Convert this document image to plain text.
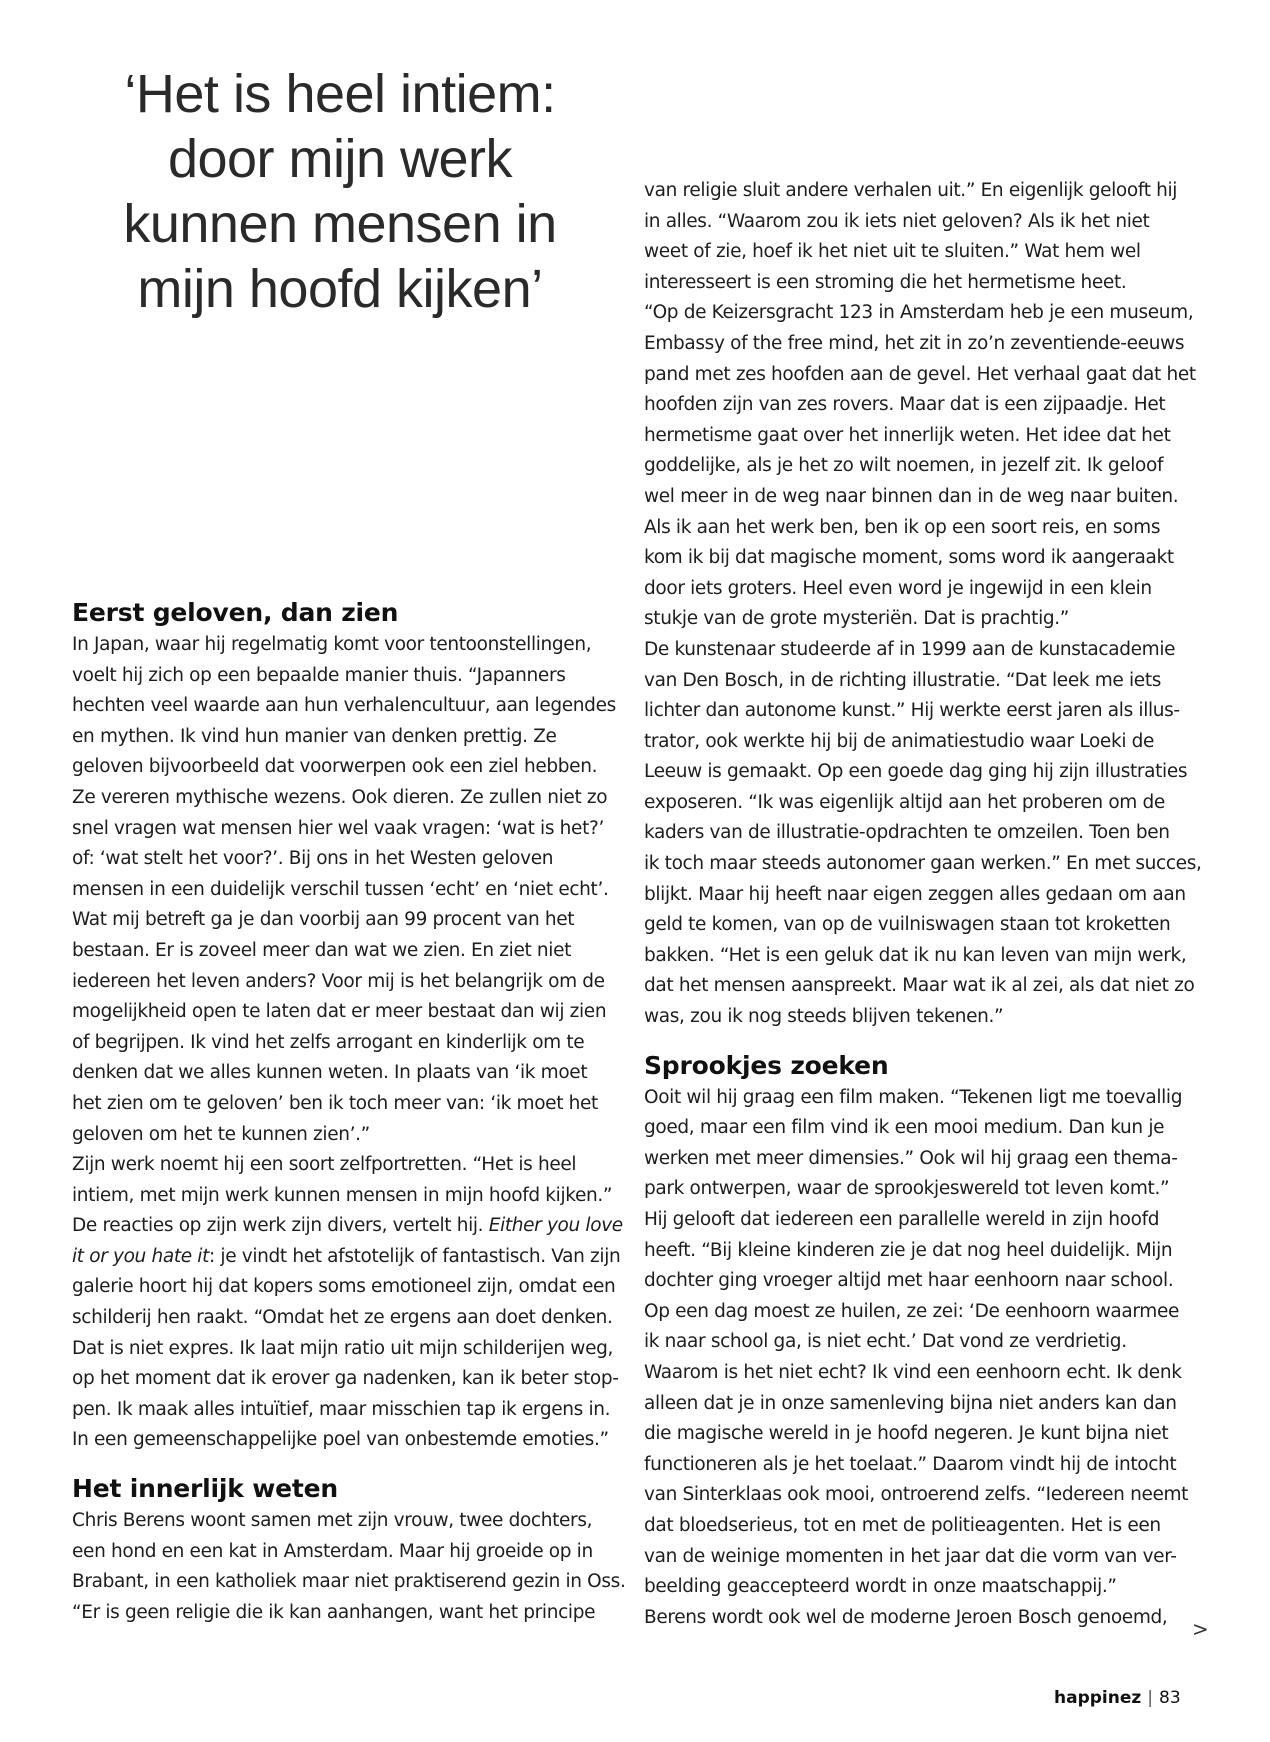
‘Het is heel intiem:
door mijn werk
kunnen mensen in
mijn hoofd kijken’
Eerst geloven, dan zien
In Japan, waar hij regelmatig komt voor tentoonstellingen,
voelt hij zich op een bepaalde manier thuis. “Japanners
hechten veel waarde aan hun verhalencultuur, aan legendes
en mythen. Ik vind hun manier van denken prettig. Ze
geloven bijvoorbeeld dat voorwerpen ook een ziel hebben.
Ze vereren mythische wezens. Ook dieren. Ze zullen niet zo
snel vragen wat mensen hier wel vaak vragen: ‘wat is het?’
of: ‘wat stelt het voor?’. Bij ons in het Westen geloven
mensen in een duidelijk verschil tussen ‘echt’ en ‘niet echt’.
Wat mij betreft ga je dan voorbij aan 99 procent van het
bestaan. Er is zoveel meer dan wat we zien. En ziet niet
iedereen het leven anders? Voor mij is het belangrijk om de
mogelijkheid open te laten dat er meer bestaat dan wij zien
of begrijpen. Ik vind het zelfs arrogant en kinderlijk om te
denken dat we alles kunnen weten. In plaats van ‘ik moet
het zien om te geloven’ ben ik toch meer van: ‘ik moet het
geloven om het te kunnen zien’.”
Zijn werk noemt hij een soort zelfportretten. “Het is heel
intiem, met mijn werk kunnen mensen in mijn hoofd kijken.”
De reacties op zijn werk zijn divers, vertelt hij. Either you love
it or you hate it: je vindt het afstotelijk of fantastisch. Van zijn
galerie hoort hij dat kopers soms emotioneel zijn, omdat een
schilderij hen raakt. “Omdat het ze ergens aan doet denken.
Dat is niet expres. Ik laat mijn ratio uit mijn schilderijen weg,
op het moment dat ik erover ga nadenken, kan ik beter stop-
pen. Ik maak alles intuïtief, maar misschien tap ik ergens in.
In een gemeenschappelijke poel van onbestemde emoties.”
Het innerlijk weten
Chris Berens woont samen met zijn vrouw, twee dochters,
een hond en een kat in Amsterdam. Maar hij groeide op in
Brabant, in een katholiek maar niet praktiserend gezin in Oss.
“Er is geen religie die ik kan aanhangen, want het principe
van religie sluit andere verhalen uit.” En eigenlijk gelooft hij
in alles. “Waarom zou ik iets niet geloven? Als ik het niet
weet of zie, hoef ik het niet uit te sluiten.” Wat hem wel
interesseert is een stroming die het hermetisme heet.
“Op de Keizersgracht 123 in Amsterdam heb je een museum,
Embassy of the free mind, het zit in zo’n zeventiende-eeuws
pand met zes hoofden aan de gevel. Het verhaal gaat dat het
hoofden zijn van zes rovers. Maar dat is een zijpaadje. Het
hermetisme gaat over het innerlijk weten. Het idee dat het
goddelijke, als je het zo wilt noemen, in jezelf zit. Ik geloof
wel meer in de weg naar binnen dan in de weg naar buiten.
Als ik aan het werk ben, ben ik op een soort reis, en soms
kom ik bij dat magische moment, soms word ik aangeraakt
door iets groters. Heel even word je ingewijd in een klein
stukje van de grote mysteriën. Dat is prachtig.”
De kunstenaar studeerde af in 1999 aan de kunstacademie
van Den Bosch, in de richting illustratie. “Dat leek me iets
lichter dan autonome kunst.” Hij werkte eerst jaren als illus-
trator, ook werkte hij bij de animatiestudio waar Loeki de
Leeuw is gemaakt. Op een goede dag ging hij zijn illustraties
exposeren. “Ik was eigenlijk altijd aan het proberen om de
kaders van de illustratie-opdrachten te omzeilen. Toen ben
ik toch maar steeds autonomer gaan werken.” En met succes,
blijkt. Maar hij heeft naar eigen zeggen alles gedaan om aan
geld te komen, van op de vuilniswagen staan tot kroketten
bakken. “Het is een geluk dat ik nu kan leven van mijn werk,
dat het mensen aanspreekt. Maar wat ik al zei, als dat niet zo
was, zou ik nog steeds blijven tekenen.”
Sprookjes zoeken
Ooit wil hij graag een film maken. “Tekenen ligt me toevallig
goed, maar een film vind ik een mooi medium. Dan kun je
werken met meer dimensies.” Ook wil hij graag een thema-
park ontwerpen, waar de sprookjeswereld tot leven komt.”
Hij gelooft dat iedereen een parallelle wereld in zijn hoofd
heeft. “Bij kleine kinderen zie je dat nog heel duidelijk. Mijn
dochter ging vroeger altijd met haar eenhoorn naar school.
Op een dag moest ze huilen, ze zei: ‘De eenhoorn waarmee
ik naar school ga, is niet echt.’ Dat vond ze verdrietig.
Waarom is het niet echt? Ik vind een eenhoorn echt. Ik denk
alleen dat je in onze samenleving bijna niet anders kan dan
die magische wereld in je hoofd negeren. Je kunt bijna niet
functioneren als je het toelaat.” Daarom vindt hij de intocht
van Sinterklaas ook mooi, ontroerend zelfs. “Iedereen neemt
dat bloedserieus, tot en met de politieagenten. Het is een
van de weinige momenten in het jaar dat die vorm van ver-
beelding geaccepteerd wordt in onze maatschappij.”
Berens wordt ook wel de moderne Jeroen Bosch genoemd,	>
happinez | 83
